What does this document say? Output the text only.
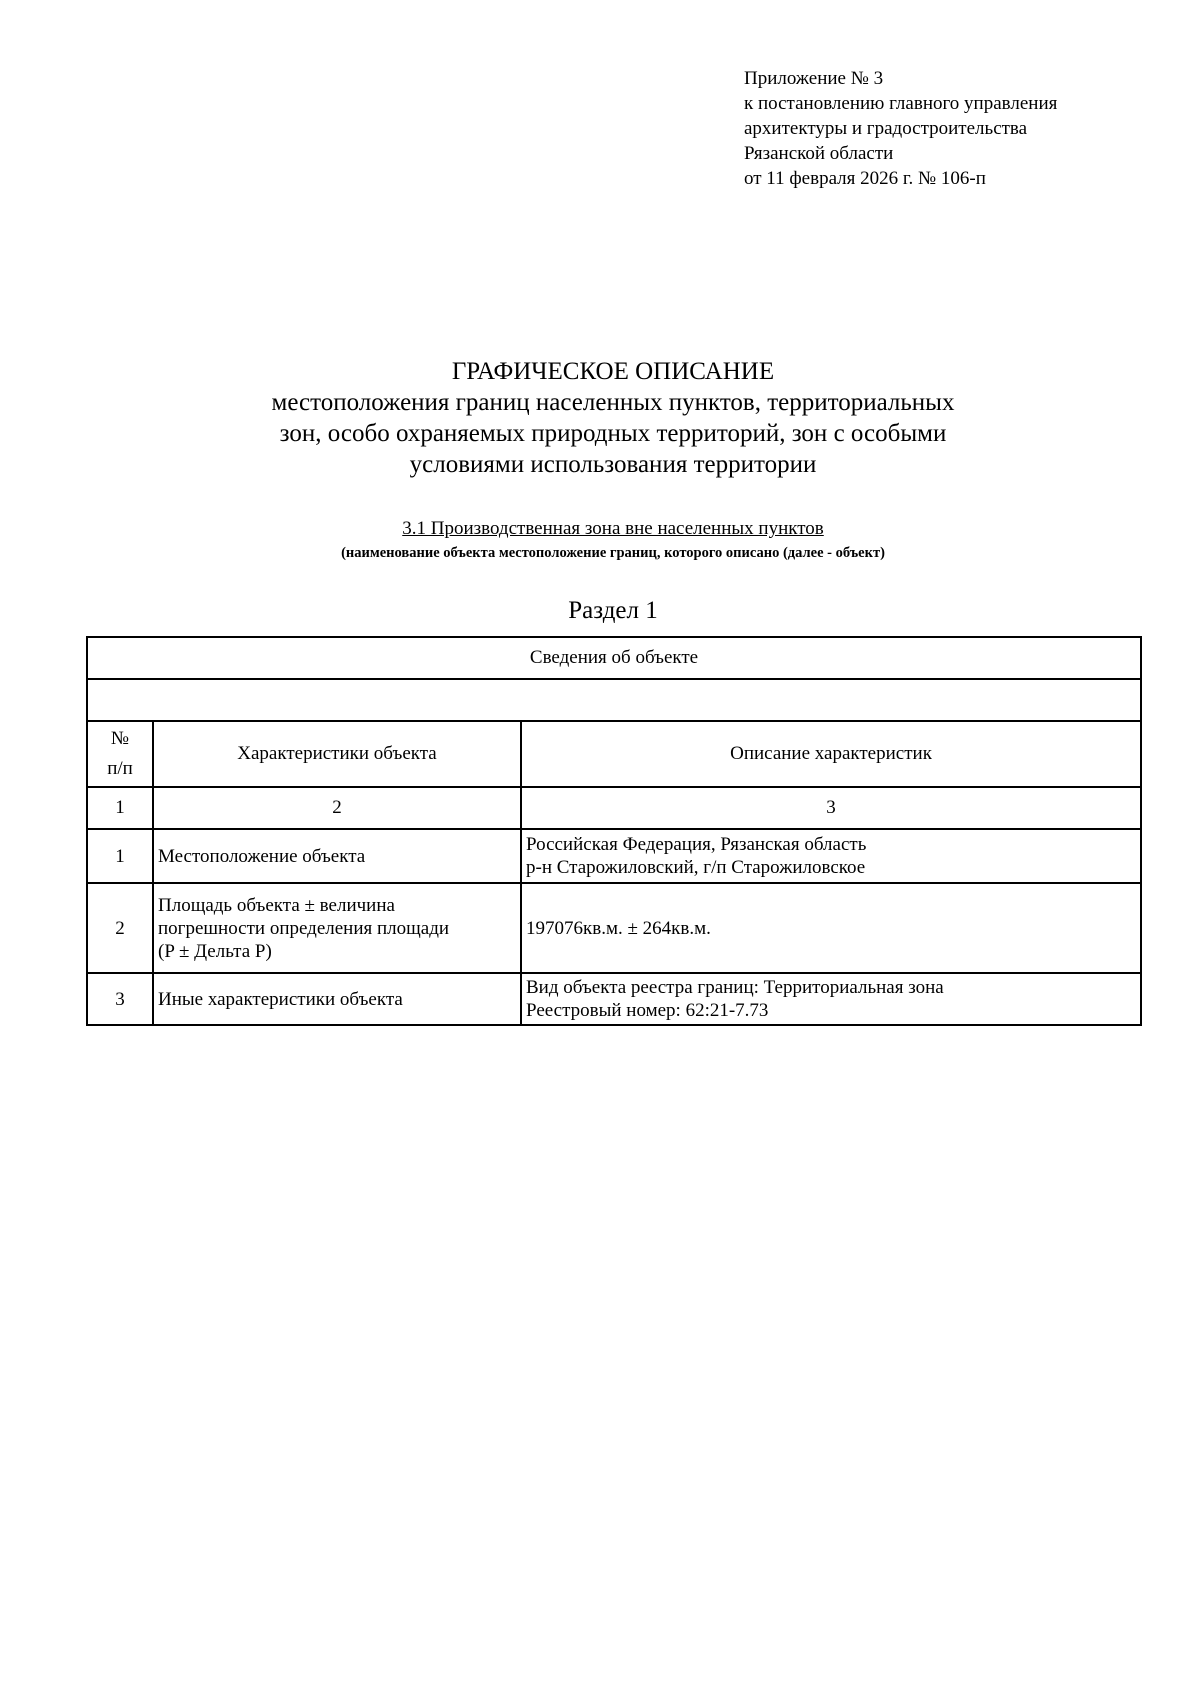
Приложение № 3
к постановлению главного управления
архитектуры и градостроительства
Рязанской области
от 11 февраля 2026 г. № 106-п
ГРАФИЧЕСКОЕ ОПИСАНИЕ
местоположения границ населенных пунктов, территориальных
зон, особо охраняемых природных территорий, зон с особыми
условиями использования территории
3.1 Производственная зона вне населенных пунктов
(наименование объекта местоположение границ, которого описано (далее - объект)
Раздел 1
Сведения об объекте		

№
п/п	Характеристики объекта	Описание характеристик
1	2	3
1	Местоположение объекта	Российская Федерация, Рязанская область
р-н Старожиловский, г/п Старожиловское

2	Площадь объекта ± величина
погрешности определения площади
(P ± Дельта P)	197076кв.м. ± 264кв.м.

3	Иные характеристики объекта	Вид объекта реестра границ: Территориальная зона
Реестровый номер: 62:21-7.73
